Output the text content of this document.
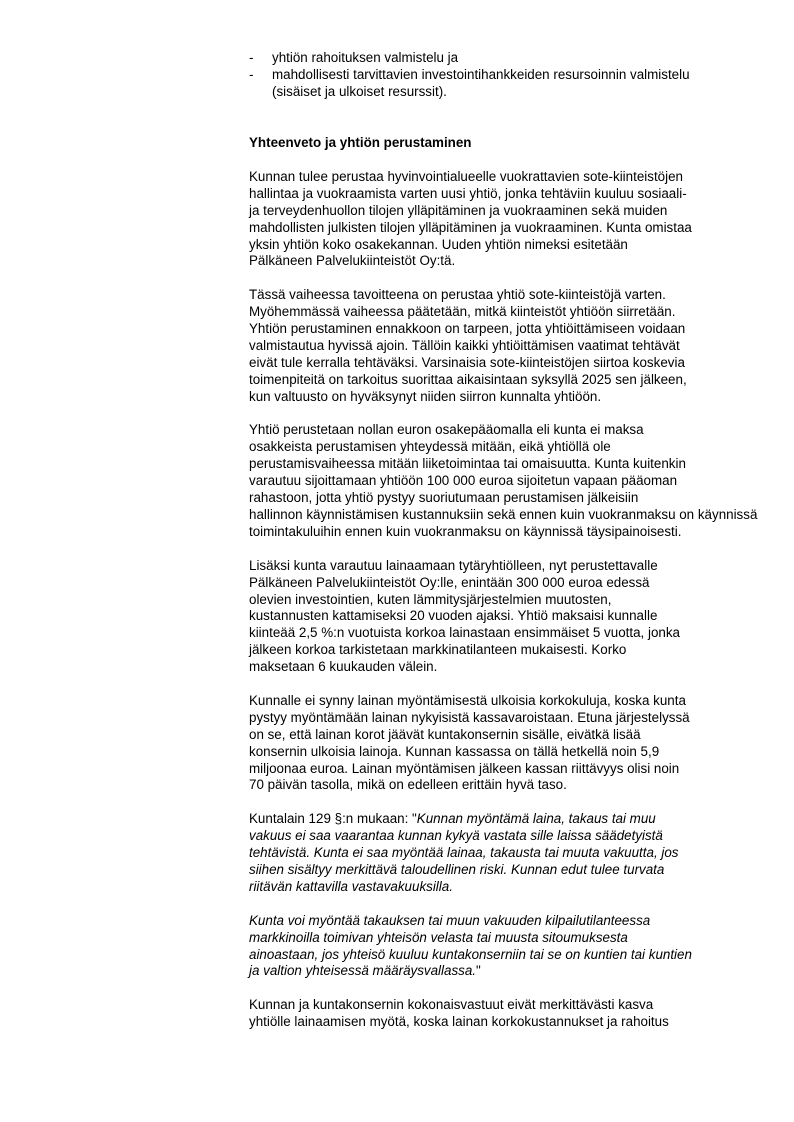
- yhtiön rahoituksen valmistelu ja
- mahdollisesti tarvittavien investointihankkeiden resursoinnin valmistelu
(sisäiset ja ulkoiset resurssit).
Yhteenveto ja yhtiön perustaminen
Kunnan tulee perustaa hyvinvointialueelle vuokrattavien sote-kiinteistöjen
hallintaa ja vuokraamista varten uusi yhtiö, jonka tehtäviin kuuluu sosiaali-
ja terveydenhuollon tilojen ylläpitäminen ja vuokraaminen sekä muiden
mahdollisten julkisten tilojen ylläpitäminen ja vuokraaminen. Kunta omistaa
yksin yhtiön koko osakekannan. Uuden yhtiön nimeksi esitetään
Pälkäneen Palvelukiinteistöt Oy:tä.
Tässä vaiheessa tavoitteena on perustaa yhtiö sote-kiinteistöjä varten.
Myöhemmässä vaiheessa päätetään, mitkä kiinteistöt yhtiöön siirretään.
Yhtiön perustaminen ennakkoon on tarpeen, jotta yhtiöittämiseen voidaan
valmistautua hyvissä ajoin. Tällöin kaikki yhtiöittämisen vaatimat tehtävät
eivät tule kerralla tehtäväksi. Varsinaisia sote-kiinteistöjen siirtoa koskevia
toimenpiteitä on tarkoitus suorittaa aikaisintaan syksyllä 2025 sen jälkeen,
kun valtuusto on hyväksynyt niiden siirron kunnalta yhtiöön.
Yhtiö perustetaan nollan euron osakepääomalla eli kunta ei maksa
osakkeista perustamisen yhteydessä mitään, eikä yhtiöllä ole
perustamisvaiheessa mitään liiketoimintaa tai omaisuutta. Kunta kuitenkin
varautuu sijoittamaan yhtiöön 100 000 euroa sijoitetun vapaan pääoman
rahastoon, jotta yhtiö pystyy suoriutumaan perustamisen jälkeisiin
hallinnon käynnistämisen kustannuksiin sekä ennen kuin vuokranmaksu on käynnissä
toimintakuluihin ennen kuin vuokranmaksu on käynnissä täysipainoisesti.
Lisäksi kunta varautuu lainaamaan tytäryhtiölleen, nyt perustettavalle
Pälkäneen Palvelukiinteistöt Oy:lle, enintään 300 000 euroa edessä
olevien investointien, kuten lämmitysjärjestelmien muutosten,
kustannusten kattamiseksi 20 vuoden ajaksi. Yhtiö maksaisi kunnalle
kiinteää 2,5 %:n vuotuista korkoa lainastaan ensimmäiset 5 vuotta, jonka
jälkeen korkoa tarkistetaan markkinatilanteen mukaisesti. Korko
maksetaan 6 kuukauden välein.
Kunnalle ei synny lainan myöntämisestä ulkoisia korkokuluja, koska kunta
pystyy myöntämään lainan nykyisistä kassavaroistaan. Etuna järjestelyssä
on se, että lainan korot jäävät kuntakonsernin sisälle, eivätkä lisää
konsernin ulkoisia lainoja. Kunnan kassassa on tällä hetkellä noin 5,9
miljoonaa euroa. Lainan myöntämisen jälkeen kassan riittävyys olisi noin
70 päivän tasolla, mikä on edelleen erittäin hyvä taso.
Kuntalain 129 §:n mukaan: "Kunnan myöntämä laina, takaus tai muu
vakuus ei saa vaarantaa kunnan kykyä vastata sille laissa säädetyistä
tehtävistä. Kunta ei saa myöntää lainaa, takausta tai muuta vakuutta, jos
siihen sisältyy merkittävä taloudellinen riski. Kunnan edut tulee turvata
riitävän kattavilla vastavakuuksilla.
Kunta voi myöntää takauksen tai muun vakuuden kilpailutilanteessa
markkinoilla toimivan yhteisön velasta tai muusta sitoumuksesta
ainoastaan, jos yhteisö kuuluu kuntakonserniin tai se on kuntien tai kuntien
ja valtion yhteisessä määräysvallassa."
Kunnan ja kuntakonsernin kokonaisvastuut eivät merkittävästi kasva
yhtiölle lainaamisen myötä, koska lainan korkokustannukset ja rahoitus
